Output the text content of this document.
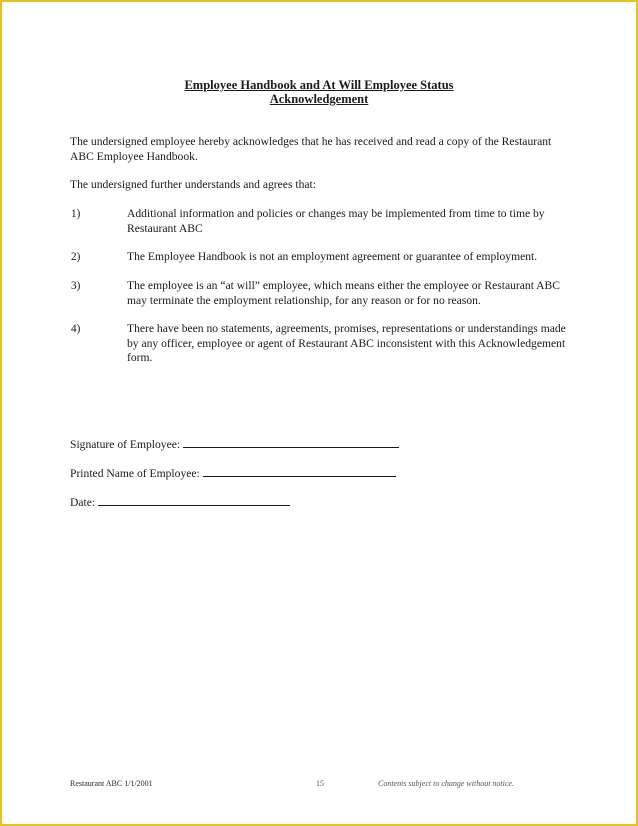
Employee Handbook and At Will Employee Status
Acknowledgement
The undersigned employee hereby acknowledges that he has received and read a copy of the Restaurant ABC Employee Handbook.
The undersigned further understands and agrees that:
1)	Additional information and policies or changes may be implemented from time to time by Restaurant ABC
2)	The Employee Handbook is not an employment agreement or guarantee of employment.
3)	The employee is an “at will” employee, which means either the employee or Restaurant ABC may terminate the employment relationship, for any reason or for no reason.
4)	There have been no statements, agreements, promises, representations or understandings made by any officer, employee or agent of Restaurant ABC inconsistent with this Acknowledgement form.
Signature of Employee:
Printed Name of Employee:
Date:
Restaurant ABC 1/1/2001	15	Contents subject to change without notice.
